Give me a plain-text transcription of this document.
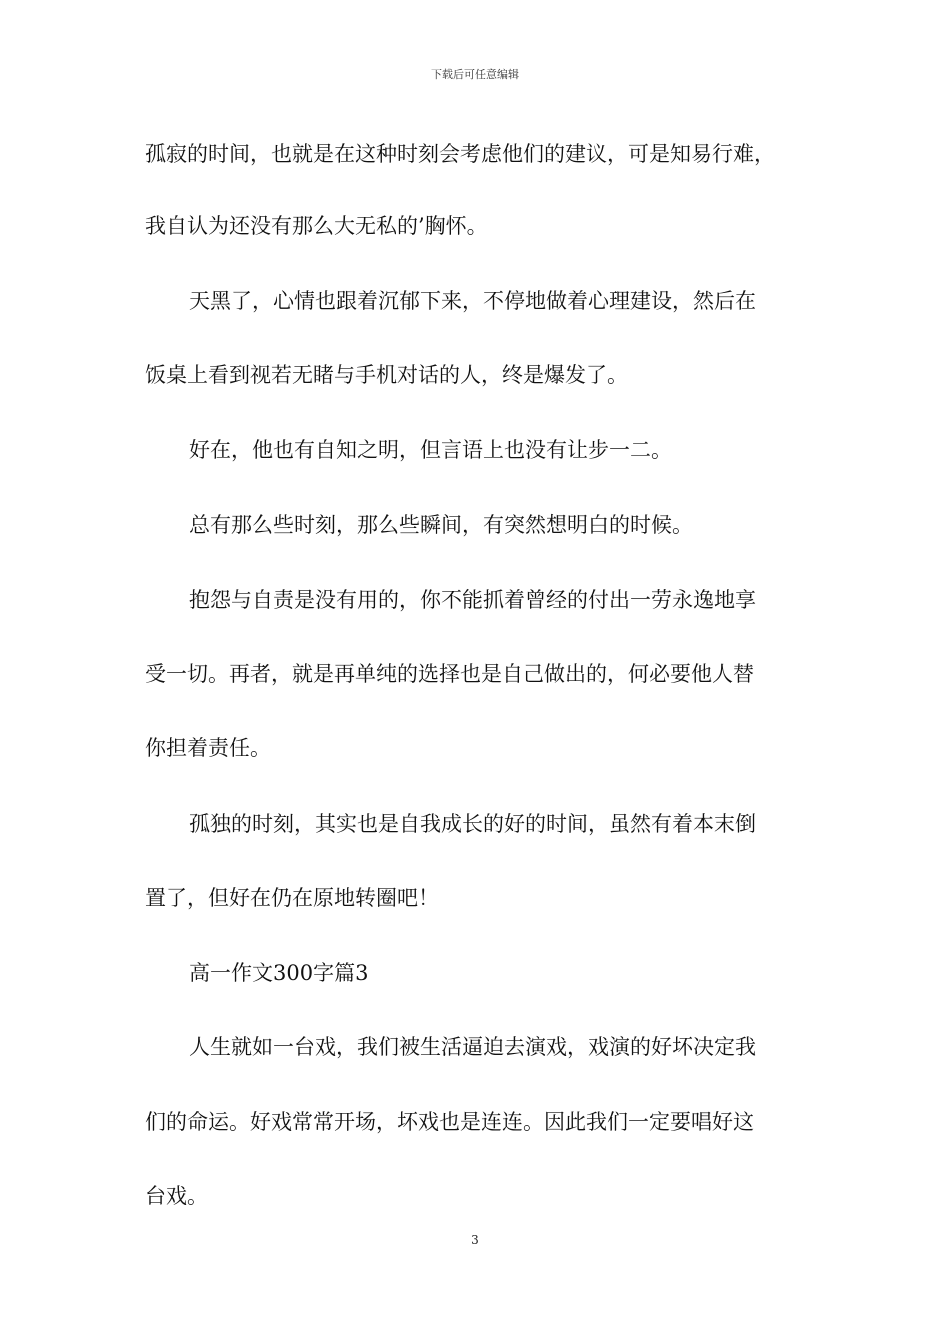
下载后可任意编辑
孤寂的时间，也就是在这种时刻会考虑他们的建议，可是知易行难，
我自认为还没有那么大无私的’胸怀。
天黑了，心情也跟着沉郁下来，不停地做着心理建设，然后在
饭桌上看到视若无睹与手机对话的人，终是爆发了。
好在，他也有自知之明，但言语上也没有让步一二。
总有那么些时刻，那么些瞬间，有突然想明白的时候。
抱怨与自责是没有用的，你不能抓着曾经的付出一劳永逸地享
受一切。再者，就是再单纯的选择也是自己做出的，何必要他人替
你担着责任。
孤独的时刻，其实也是自我成长的好的时间，虽然有着本末倒
置了，但好在仍在原地转圈吧！
高一作文300字篇3
人生就如一台戏，我们被生活逼迫去演戏，戏演的好坏决定我
们的命运。好戏常常开场，坏戏也是连连。因此我们一定要唱好这
台戏。
3
